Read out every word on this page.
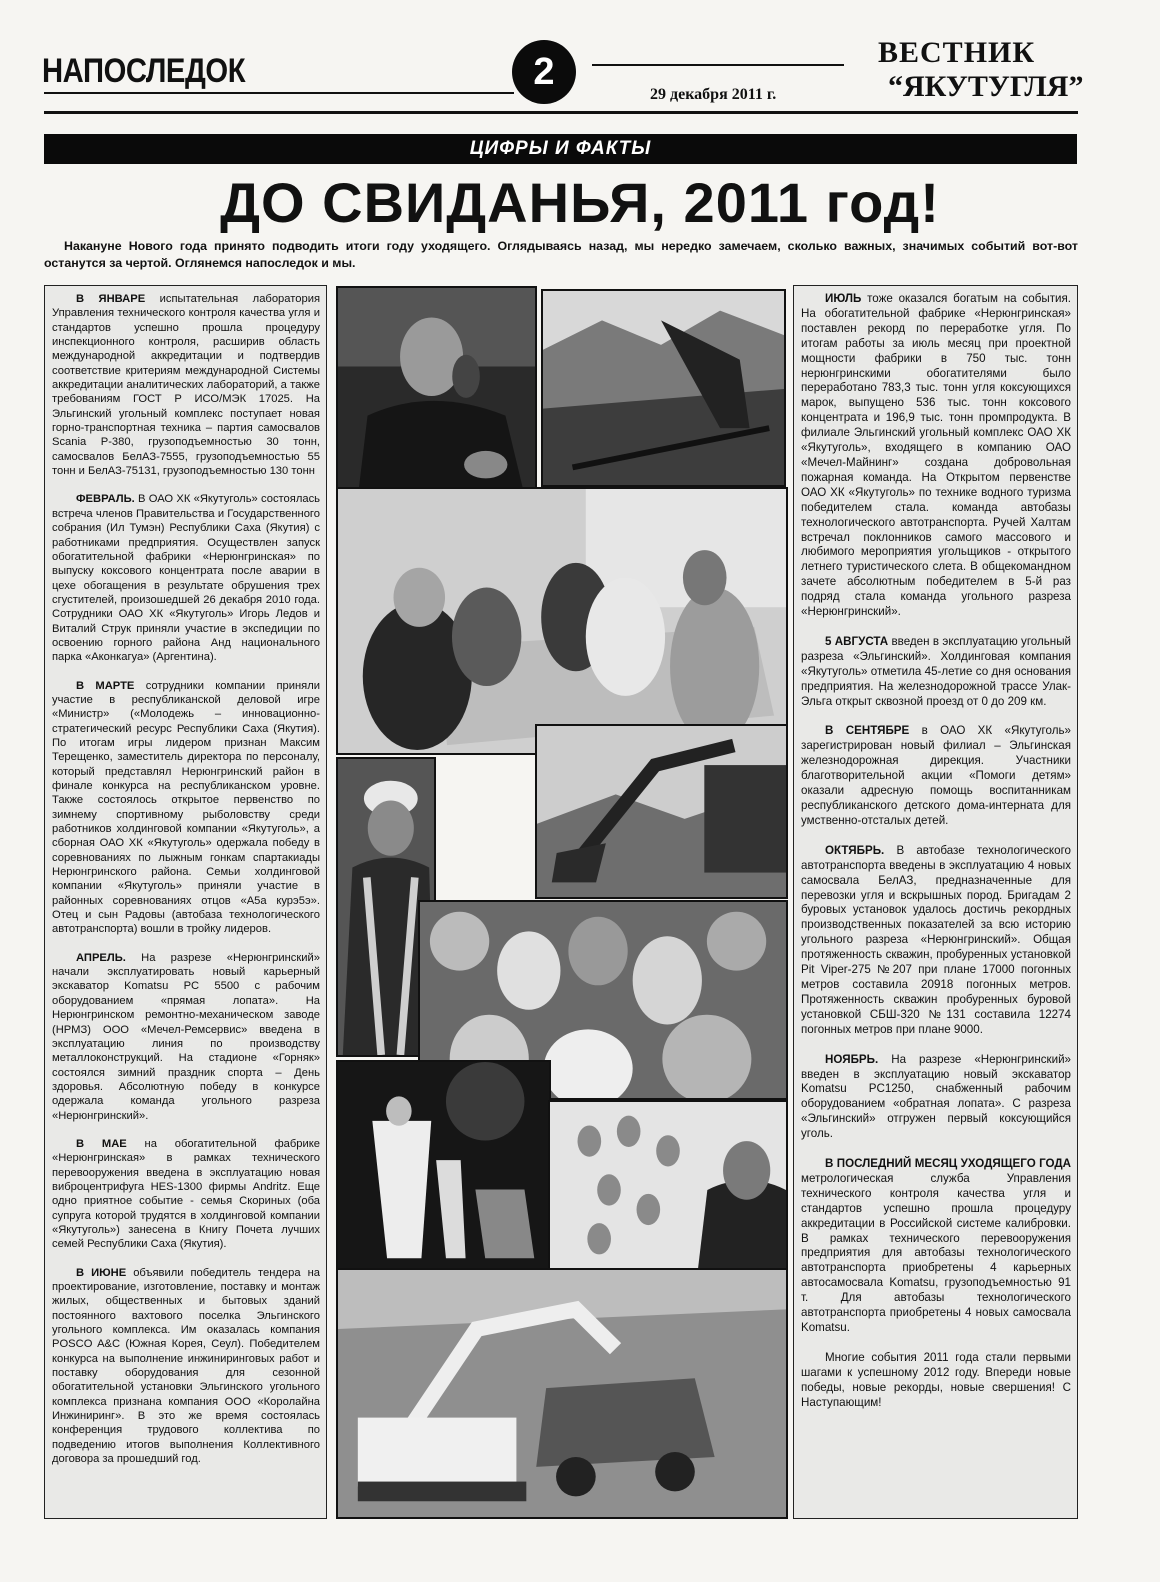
НАПОСЛЕДОК	2
29 декабря 2011 г.
ВЕСТНИК
“ЯКУТУГЛЯ”
ЦИФРЫ И ФАКТЫ
ДО СВИДАНЬЯ, 2011 год!
Накануне Нового года принято подводить итоги году уходящего. Оглядываясь назад, мы нередко замечаем, сколько важных, значимых событий вот-вот останутся за чертой. Оглянемся напоследок и мы.

В ЯНВАРЕ испытательная лаборатория Управления технического контроля качества угля и стандартов успешно прошла процедуру инспекционного контроля, расширив область международной аккредитации и подтвердив соответствие критериям международной Системы аккредитации аналитических лабораторий, а также требованиям ГОСТ Р ИСО/МЭК 17025. На Эльгинский угольный комплекс поступает новая горно-транспортная техника – партия самосвалов Scania P-380, грузоподъемностью 30 тонн, самосвалов БелАЗ-7555, грузоподъемностью 55 тонн и БелАЗ-75131, грузоподъемностью 130 тонн

ФЕВРАЛЬ. В ОАО ХК «Якутуголь» состоялась встреча членов Правительства и Государственного собрания (Ил Тумэн) Республики Саха (Якутия) с работниками предприятия. Осуществлен запуск обогатительной фабрики «Нерюнгринская» по выпуску коксового концентрата после аварии в цехе обогащения в результате обрушения трех сгустителей, произошедшей 26 декабря 2010 года. Сотрудники ОАО ХК «Якутуголь» Игорь Ледов и Виталий Струк приняли участие в экспедиции по освоению горного района Анд национального парка «Аконкагуа» (Аргентина).

В МАРТЕ сотрудники компании приняли участие в республиканской деловой игре «Министр» («Молодежь – инновационно-стратегический ресурс Республики Саха (Якутия). По итогам игры лидером признан Максим Терещенко, заместитель директора по персоналу, который представлял Нерюнгринский район в финале конкурса на республиканском уровне. Также состоялось открытое первенство по зимнему спортивному рыболовству среди работников холдинговой компании «Якутуголь», а сборная ОАО ХК «Якутуголь» одержала победу в соревнованиях по лыжным гонкам спартакиады Нерюнгринского района. Семьи холдинговой компании «Якутуголь» приняли участие в районных соревнованиях отцов «А5а курэ5э». Отец и сын Радовы (автобаза технологического автотранспорта) вошли в тройку лидеров.

АПРЕЛЬ. На разрезе «Нерюнгринский» начали эксплуатировать новый карьерный экскаватор Komatsu PC 5500 с рабочим оборудованием «прямая лопата». На Нерюнгринском ремонтно-механическом заводе (НРМЗ) ООО «Мечел-Ремсервис» введена в эксплуатацию линия по производству металлоконструкций. На стадионе «Горняк» состоялся зимний праздник спорта – День здоровья. Абсолютную победу в конкурсе одержала команда угольного разреза «Нерюнгринский».

В МАЕ на обогатительной фабрике «Нерюнгринская» в рамках технического перевооружения введена в эксплуатацию новая виброцентрифуга HES-1300 фирмы Andritz. Еще одно приятное событие - семья Скориных (оба супруга которой трудятся в холдинговой компании «Якутуголь») занесена в Книгу Почета лучших семей Республики Саха (Якутия).

В ИЮНЕ объявили победитель тендера на проектирование, изготовление, поставку и монтаж жилых, общественных и бытовых зданий постоянного вахтового поселка Эльгинского угольного комплекса. Им оказалась компания POSCO A&C (Южная Корея, Сеул). Победителем конкурса на выполнение инжиниринговых работ и поставку оборудования для сезонной обогатительной установки Эльгинского угольного комплекса признана компания ООО «Королайна Инжиниринг». В это же время состоялась конференция трудового коллектива по подведению итогов выполнения Коллективного договора за прошедший год.

ИЮЛЬ тоже оказался богатым на события. На обогатительной фабрике «Нерюнгринская» поставлен рекорд по переработке угля. По итогам работы за июль месяц при проектной мощности фабрики в 750 тыс. тонн нерюнгринскими обогатителями было переработано 783,3 тыс. тонн угля коксующихся марок, выпущено 536 тыс. тонн коксового концентрата и 196,9 тыс. тонн промпродукта. В филиале Эльгинский угольный комплекс ОАО ХК «Якутуголь», входящего в компанию ОАО «Мечел-Майнинг» создана добровольная пожарная команда. На Открытом первенстве ОАО ХК «Якутуголь» по технике водного туризма победителем стала. команда автобазы технологического автотранспорта. Ручей Халтам встречал поклонников самого массового и любимого мероприятия угольщиков - открытого летнего туристического слета. В общекомандном зачете абсолютным победителем в 5-й раз подряд стала команда угольного разреза «Нерюнгринский».

5 АВГУСТА введен в эксплуатацию угольный разреза «Эльгинский». Холдинговая компания «Якутуголь» отметила 45-летие со дня основания предприятия. На железнодорожной трассе Улак-Эльга открыт сквозной проезд от 0 до 209 км.

В СЕНТЯБРЕ в ОАО ХК «Якутуголь» зарегистрирован новый филиал – Эльгинская железнодорожная дирекция. Участники благотворительной акции «Помоги детям» оказали адресную помощь воспитанникам республиканского детского дома-интерната для умственно-отсталых детей.

ОКТЯБРЬ. В автобазе технологического автотранспорта введены в эксплуатацию 4 новых самосвала БелАЗ, предназначенные для перевозки угля и вскрышных пород. Бригадам 2 буровых установок удалось достичь рекордных производственных показателей за всю историю угольного разреза «Нерюнгринский». Общая протяженность скважин, пробуренных установкой Pit Viper-275 №207 при плане 17000 погонных метров составила 20918 погонных метров. Протяженность скважин пробуренных буровой установкой СБШ-320 №131 составила 12274 погонных метров при плане 9000.

НОЯБРЬ. На разрезе «Нерюнгринский» введен в эксплуатацию новый экскаватор Komatsu PC1250, снабженный рабочим оборудованием «обратная лопата». С разреза «Эльгинский» отгружен первый коксующийся уголь.

В ПОСЛЕДНИЙ МЕСЯЦ УХОДЯЩЕГО ГОДА метрологическая служба Управления технического контроля качества угля и стандартов успешно прошла процедуру аккредитации в Российской системе калибровки. В рамках технического перевооружения предприятия для автобазы технологического автотранспорта приобретены 4 карьерных автосамосвала Komatsu, грузоподъемностью 91 т. Для автобазы технологического автотранспорта приобретены 4 новых самосвала Komatsu.

Многие события 2011 года стали первыми шагами к успешному 2012 году. Впереди новые победы, новые рекорды, новые свершения! С Наступающим!
